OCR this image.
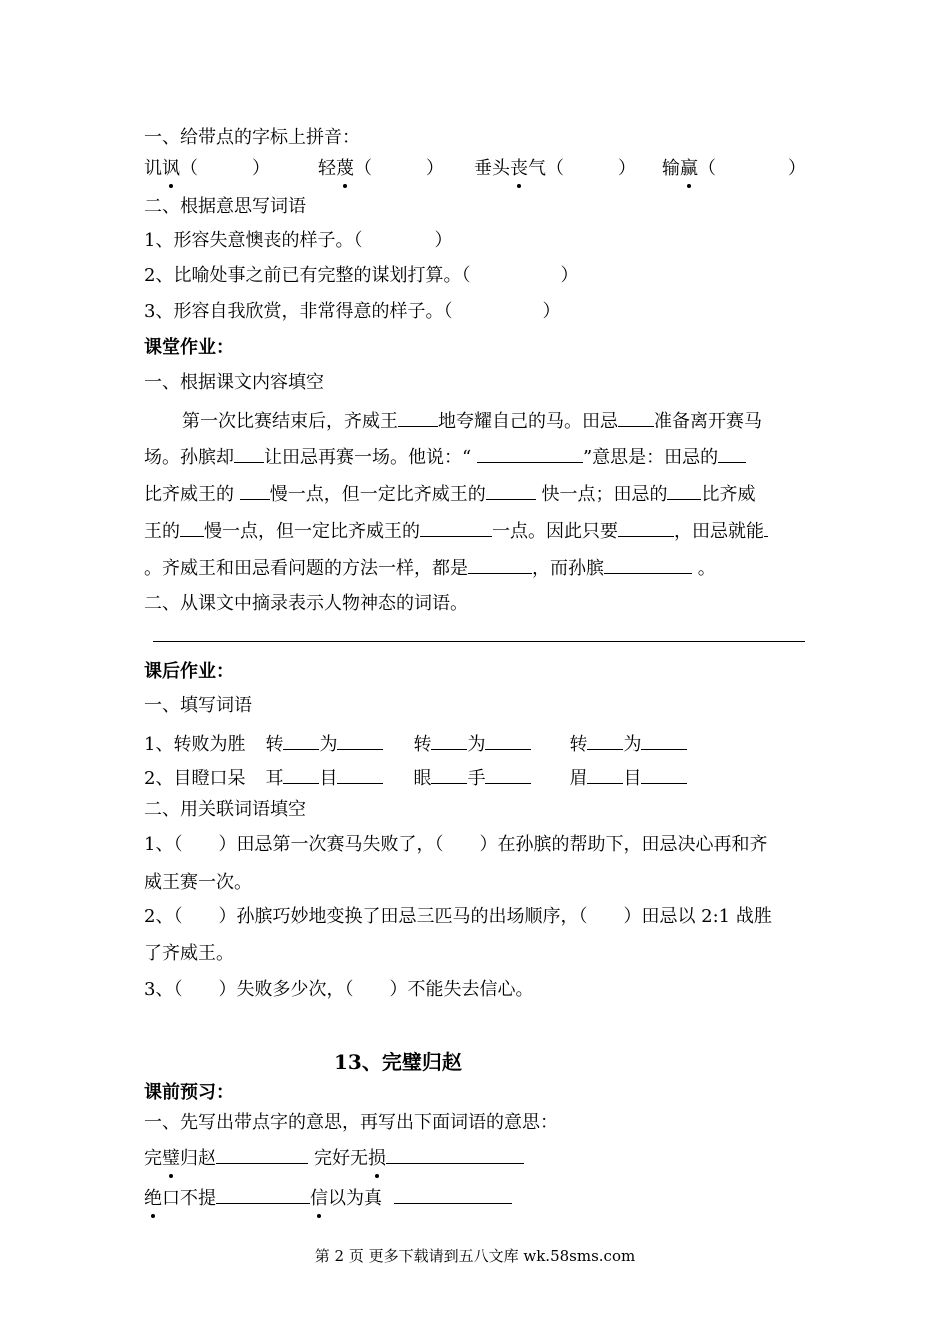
一、给带点的字标上拼音：
讥讽（　　　）	轻蔑（　　　） 垂头丧气（　　　） 输赢（　　　　）
二、根据意思写词语
1、形容失意懊丧的样子。（　　　　）
2、比喻处事之前已有完整的谋划打算。（　　　　　）
3、形容自我欣赏，非常得意的样子。（　　　　　）
课堂作业：
一、根据课文内容填空
第一次比赛结束后，齐威王 地夸耀自己的马。田忌 准备离开赛马
场。孙膑却 让田忌再赛一场。他说：“	”意思是：田忌的
比齐威王的 慢一点，但一定比齐威王的	快一点；田忌的 比齐威
王的 慢一点，但一定比齐威王的	一点。因此只要	，田忌就能
。齐威王和田忌看问题的方法一样，都是	，而孙膑	。
二、从课文中摘录表示人物神态的词语。
课后作业：
一、填写词语
1、转败为胜 转 为	转 为	转 为
2、目瞪口呆 耳 目	眼 手	眉 目
二、用关联词语填空
1、（　　）田忌第一次赛马失败了，（　　）在孙膑的帮助下，田忌决心再和齐
威王赛一次。
2、（　　）孙膑巧妙地变换了田忌三匹马的出场顺序，（　　）田忌以 2:1 战胜
了齐威王。
3、（　　）失败多少次，（　　）不能失去信心。
13、完璧归赵
课前预习：
一、先写出带点字的意思，再写出下面词语的意思：
完璧归赵	完好无损
绝口不提	信以为真
第 2 页 更多下载请到五八文库 wk.58sms.com
